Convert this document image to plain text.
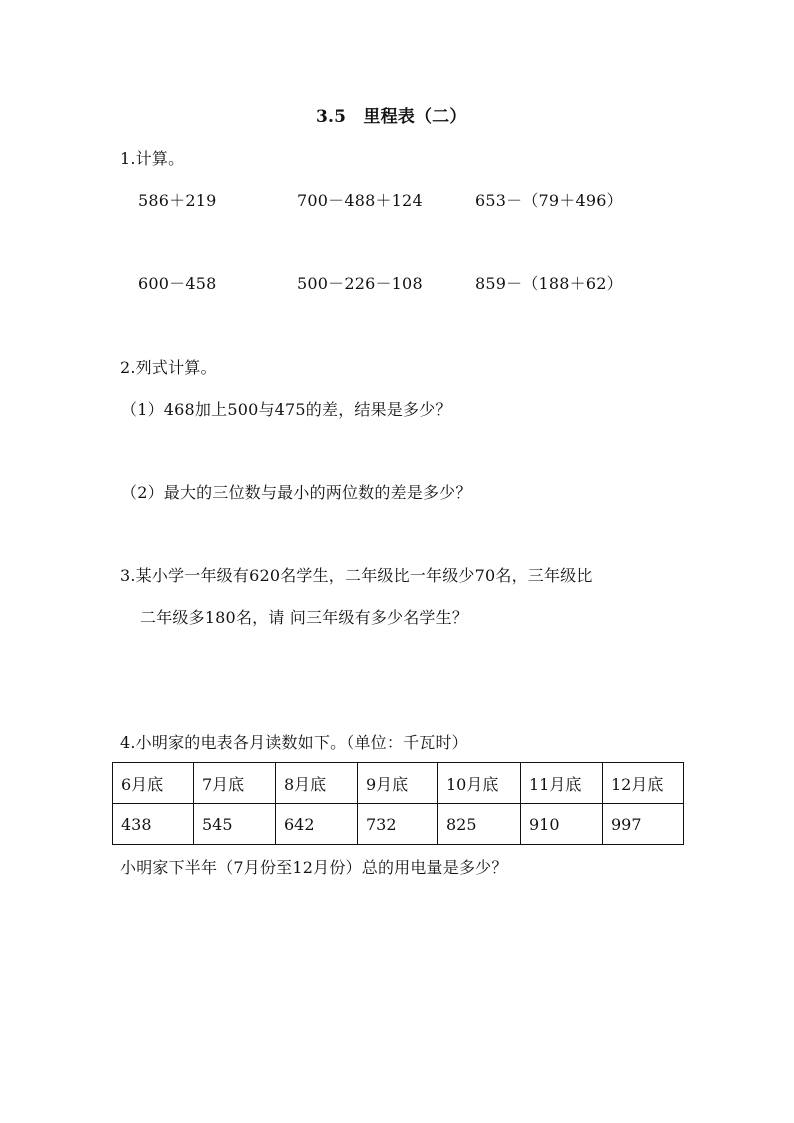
3.5　里程表（二）
1.计算。
586＋219	700－488＋124	653－（79＋496）
600－458	500－226－108	859－（188＋62）
2.列式计算。
（1）468加上500与475的差，结果是多少？
（2）最大的三位数与最小的两位数的差是多少？
3.某小学一年级有620名学生，二年级比一年级少70名，三年级比
二年级多180名，请 问三年级有多少名学生？
4.小明家的电表各月读数如下。（单位：千瓦时）
6月底	7月底	8月底	9月底	10月底	11月底	12月底
438	545	642	732	825	910	997
小明家下半年（7月份至12月份）总的用电量是多少？
